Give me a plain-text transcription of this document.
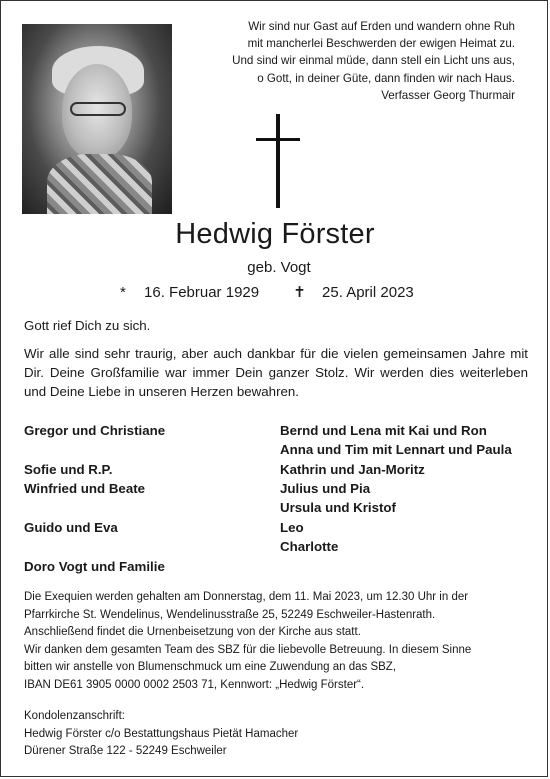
Wir sind nur Gast auf Erden und wandern ohne Ruh
mit mancherlei Beschwerden der ewigen Heimat zu.
Und sind wir einmal müde, dann stell ein Licht uns aus,
o Gott, in deiner Güte, dann finden wir nach Haus.
Verfasser Georg Thurmair
Hedwig Förster
geb. Vogt
* 16. Februar 1929 ✝ 25. April 2023
Gott rief Dich zu sich.
Wir alle sind sehr traurig, aber auch dankbar für die vielen gemeinsamen Jahre mit Dir. Deine Großfamilie war immer Dein ganzer Stolz. Wir werden dies weiterleben und Deine Liebe in unseren Herzen bewahren.
Gregor und Christiane
Sofie und R.P.
Winfried und Beate
Guido und Eva
Doro Vogt und Familie
Bernd und Lena mit Kai und Ron
Anna und Tim mit Lennart und Paula
Kathrin und Jan-Moritz
Julius und Pia
Ursula und Kristof
Leo
Charlotte
Die Exequien werden gehalten am Donnerstag, dem 11. Mai 2023, um 12.30 Uhr in der
Pfarrkirche St. Wendelinus, Wendelinusstraße 25, 52249 Eschweiler-Hastenrath.
Anschließend findet die Urnenbeisetzung von der Kirche aus statt.
Wir danken dem gesamten Team des SBZ für die liebevolle Betreuung. In diesem Sinne
bitten wir anstelle von Blumenschmuck um eine Zuwendung an das SBZ,
IBAN DE61 3905 0000 0002 2503 71, Kennwort: „Hedwig Förster“.
Kondolenzanschrift:
Hedwig Förster c/o Bestattungshaus Pietät Hamacher
Dürener Straße 122 - 52249 Eschweiler
